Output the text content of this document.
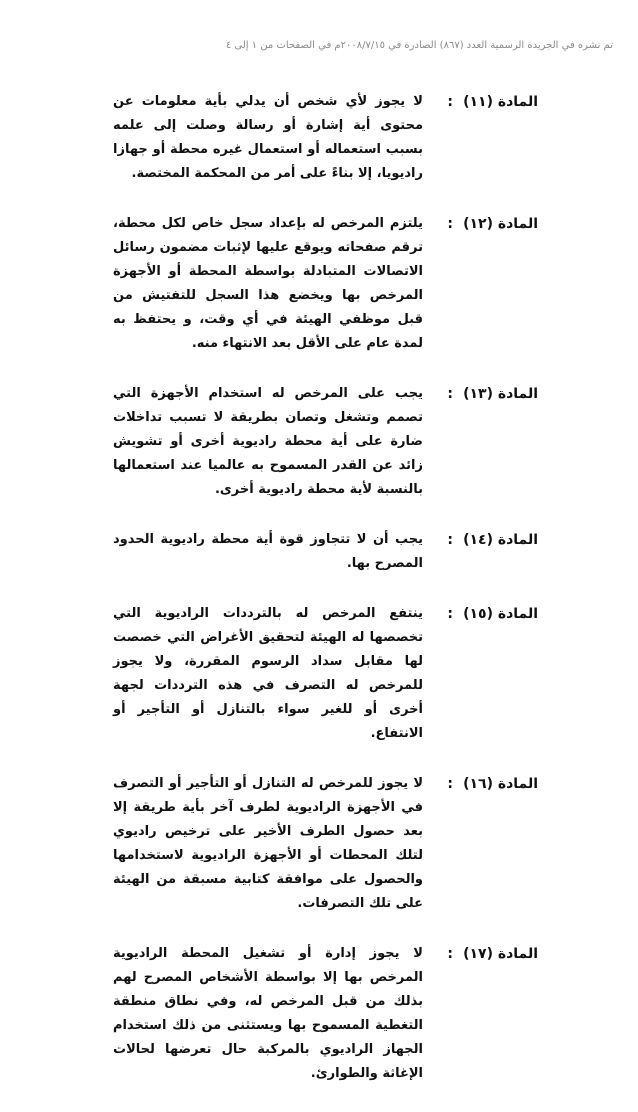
تم نشره في الجريدة الرسمية العدد (٨٦٧) الصادرة في ٢٠٠٨/٧/١٥م في الصفحات من ١ إلى ٤
المادة (١١)
:
لا يجوز لأي شخص أن يدلي بأية معلومات عن محتوى أية إشارة أو رسالة وصلت إلى علمه بسبب استعماله أو استعمال غيره محطة أو جهازا راديويا، إلا بناءً على أمر من المحكمة المختصة.
المادة (١٢)
:
يلتزم المرخص له بإعداد سجل خاص لكل محطة، ترقم صفحاته ويوقع عليها لإثبات مضمون رسائل الاتصالات المتبادلة بواسطة المحطة أو الأجهزة المرخص بها ويخضع هذا السجل للتفتيش من قبل موظفي الهيئة في أي وقت، و يحتفظ به لمدة عام على الأقل بعد الانتهاء منه.
المادة (١٣)
:
يجب على المرخص له استخدام الأجهزة التي تصمم وتشغل وتصان بطريقة لا تسبب تداخلات ضارة على أية محطة راديوية أخرى أو تشويش زائد عن القدر المسموح به عالميا عند استعمالها بالنسبة لأية محطة راديوية أخرى.
المادة (١٤)
:
يجب أن لا تتجاوز قوة أية محطة راديوية الحدود المصرح بها.
المادة (١٥)
:
ينتفع المرخص له بالترددات الراديوية التي تخصصها له الهيئة لتحقيق الأغراض التي خصصت لها مقابل سداد الرسوم المقررة، ولا يجوز للمرخص له التصرف في هذه الترددات لجهة أخرى أو للغير سواء بالتنازل أو التأجير أو الانتفاع.
المادة (١٦)
:
لا يجوز للمرخص له التنازل أو التأجير أو التصرف في الأجهزة الراديوية لطرف آخر بأية طريقة إلا بعد حصول الطرف الأخير على ترخيص راديوي لتلك المحطات أو الأجهزة الراديوية لاستخدامها والحصول على موافقة كتابية مسبقة من الهيئة على تلك التصرفات.
المادة (١٧)
:
لا يجوز إدارة أو تشغيل المحطة الراديوية المرخص بها إلا بواسطة الأشخاص المصرح لهم بذلك من قبل المرخص له، وفي نطاق منطقة التغطية المسموح بها ويستثنى من ذلك استخدام الجهاز الراديوي بالمركبة حال تعرضها لحالات الإغاثة والطوارئ.
